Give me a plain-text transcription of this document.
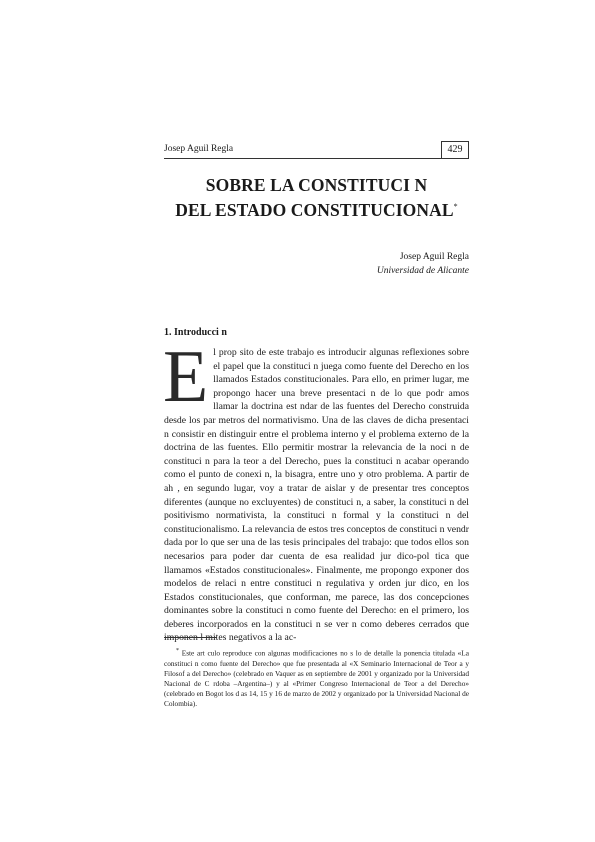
Josep Aguil Regla	429
SOBRE LA CONSTITUCI N
DEL ESTADO CONSTITUCIONAL*
Josep Aguil Regla
Universidad de Alicante
1. Introducci n
E l prop sito de este trabajo es introducir algunas reflexiones sobre el papel que la constituci n juega como fuente del Derecho en los llamados Estados constitucionales. Para ello, en primer lugar, me propongo hacer una breve presentaci n de lo que podr amos llamar la doctrina est ndar de las fuentes del Derecho construida desde los par metros del normativismo. Una de las claves de dicha presentaci n consistir en distinguir entre el problema interno y el problema externo de la doctrina de las fuentes. Ello permitir mostrar la relevancia de la noci n de constituci n para la teor a del Derecho, pues la constituci n acabar operando como el punto de conexi n, la bisagra, entre uno y otro problema. A partir de ah , en segundo lugar, voy a tratar de aislar y de presentar tres conceptos diferentes (aunque no excluyentes) de constituci n, a saber, la constituci n del positivismo normativista, la constituci n formal y la constituci n del constitucionalismo. La relevancia de estos tres conceptos de constituci n vendr dada por lo que ser una de las tesis principales del trabajo: que todos ellos son necesarios para poder dar cuenta de esa realidad jur dico-pol tica que llamamos «Estados constitucionales». Finalmente, me propongo exponer dos modelos de relaci n entre constituci n regulativa y orden jur dico, en los Estados constitucionales, que conforman, me parece, las dos concepciones dominantes sobre la constituci n como fuente del Derecho: en el primero, los deberes incorporados en la constituci n se ver n como deberes cerrados que imponen l mites negativos a la ac-
* Este art culo reproduce con algunas modificaciones no s lo de detalle la ponencia titulada «La constituci n como fuente del Derecho» que fue presentada al «X Seminario Internacional de Teor a y Filosof a del Derecho» (celebrado en Vaquer as en septiembre de 2001 y organizado por la Universidad Nacional de C rdoba –Argentina–) y al «Primer Congreso Internacional de Teor a del Derecho» (celebrado en Bogot los d as 14, 15 y 16 de marzo de 2002 y organizado por la Universidad Nacional de Colombia).
